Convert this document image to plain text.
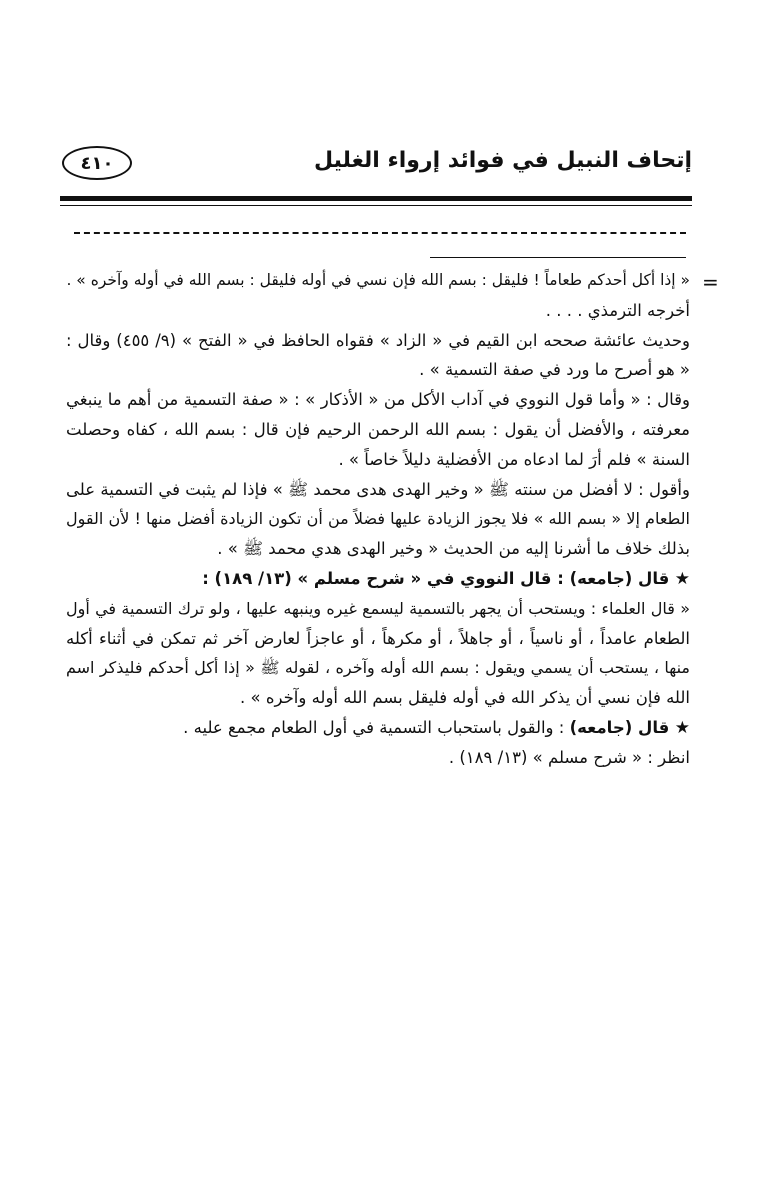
٤١٠	إتحاف النبيل في فوائد إرواء الغليل
=
« إذا أكل أحدكم طعاماً ! فليقل : بسم الله فإن نسي في أوله فليقل : بسم الله في أوله وآخره » .
أخرجه الترمذي . . . .
وحديث عائشة صححه ابن القيم في « الزاد » فقواه الحافظ في « الفتح » (٩/ ٤٥٥) وقال :
« هو أصرح ما ورد في صفة التسمية » .
وقال : « وأما قول النووي في آداب الأكل من « الأذكار » : « صفة التسمية من أهم ما ينبغي
معرفته ، والأفضل أن يقول : بسم الله الرحمن الرحيم فإن قال : بسم الله ، كفاه وحصلت
السنة » فلم أرَ لما ادعاه من الأفضلية دليلاً خاصاً » .
وأقول : لا أفضل من سنته ﷺ « وخير الهدى هدى محمد ﷺ » فإذا لم يثبت في التسمية على
الطعام إلا « بسم الله » فلا يجوز الزيادة عليها فضلاً من أن تكون الزيادة أفضل منها ! لأن القول
بذلك خلاف ما أشرنا إليه من الحديث « وخير الهدى هدي محمد ﷺ » .
★ قال (جامعه) : قال النووي في « شرح مسلم » (١٣/ ١٨٩) :
« قال العلماء : ويستحب أن يجهر بالتسمية ليسمع غيره وينبهه عليها ، ولو ترك التسمية في أول
الطعام عامداً ، أو ناسياً ، أو جاهلاً ، أو مكرهاً ، أو عاجزاً لعارض آخر ثم تمكن في أثناء أكله
منها ، يستحب أن يسمي ويقول : بسم الله أوله وآخره ، لقوله ﷺ « إذا أكل أحدكم فليذكر اسم
الله فإن نسي أن يذكر الله في أوله فليقل بسم الله أوله وآخره » .
★ قال (جامعه) : والقول باستحباب التسمية في أول الطعام مجمع عليه .
انظر : « شرح مسلم » (١٣/ ١٨٩) .
